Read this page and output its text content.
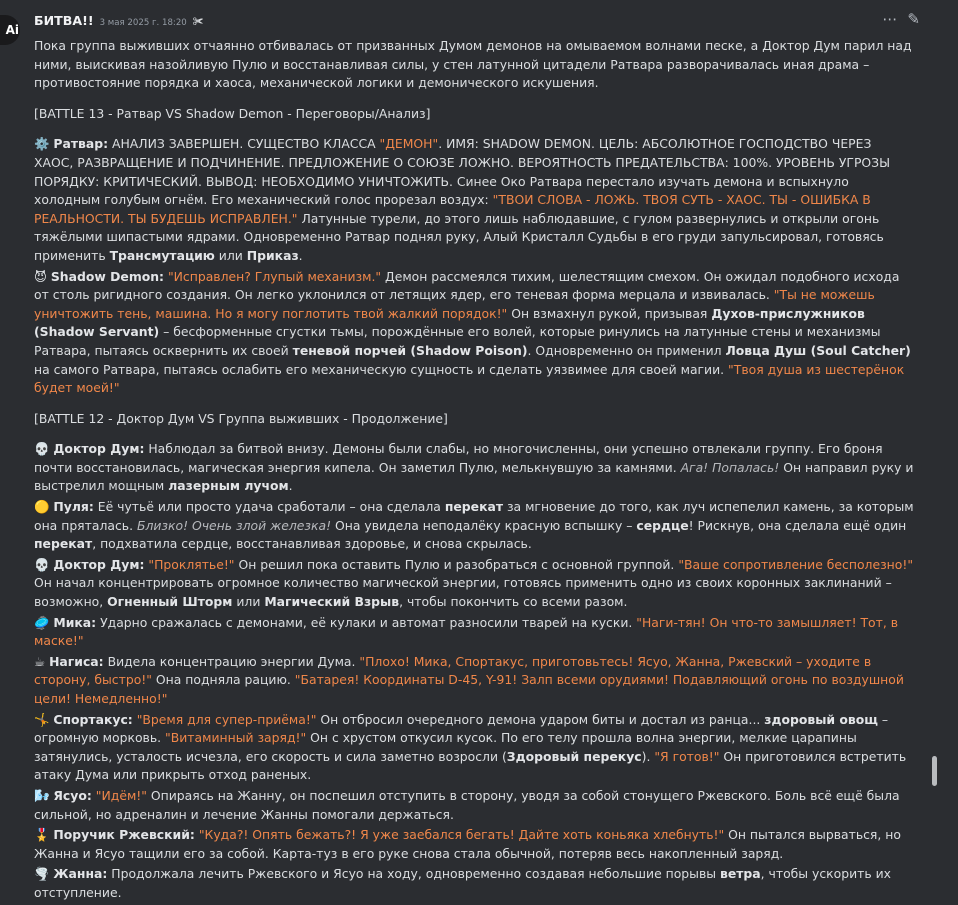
Ai
БИТВА!! 3 мая 2025 г. 18:20 ✀	⋯ ✎

Пока группа выживших отчаянно отбивалась от призванных Думом демонов на омываемом волнами песке, а Доктор Дум парил над ними, выискивая назойливую Пулю и восстанавливая силы, у стен латунной цитадели Ратвара разворачивалась иная драма – противостояние порядка и хаоса, механической логики и демонического искушения.

[BATTLE 13 - Ратвар VS Shadow Demon - Переговоры/Анализ]

⚙️ Ратвар: АНАЛИЗ ЗАВЕРШЕН. СУЩЕСТВО КЛАССА "ДЕМОН". ИМЯ: SHADOW DEMON. ЦЕЛЬ: АБСОЛЮТНОЕ ГОСПОДСТВО ЧЕРЕЗ ХАОС, РАЗВРАЩЕНИЕ И ПОДЧИНЕНИЕ. ПРЕДЛОЖЕНИЕ О СОЮЗЕ ЛОЖНО. ВЕРОЯТНОСТЬ ПРЕДАТЕЛЬСТВА: 100%. УРОВЕНЬ УГРОЗЫ ПОРЯДКУ: КРИТИЧЕСКИЙ. ВЫВОД: НЕОБХОДИМО УНИЧТОЖИТЬ. Синее Око Ратвара перестало изучать демона и вспыхнуло холодным голубым огнём. Его механический голос прорезал воздух: "ТВОИ СЛОВА - ЛОЖЬ. ТВОЯ СУТЬ - ХАОС. ТЫ - ОШИБКА В РЕАЛЬНОСТИ. ТЫ БУДЕШЬ ИСПРАВЛЕН." Латунные турели, до этого лишь наблюдавшие, с гулом развернулись и открыли огонь тяжёлыми шипастыми ядрами. Одновременно Ратвар поднял руку, Алый Кристалл Судьбы в его груди запульсировал, готовясь применить Трансмутацию или Приказ.

😈 Shadow Demon: "Исправлен? Глупый механизм." Демон рассмеялся тихим, шелестящим смехом. Он ожидал подобного исхода от столь ригидного создания. Он легко уклонился от летящих ядер, его теневая форма мерцала и извивалась. "Ты не можешь уничтожить тень, машина. Но я могу поглотить твой жалкий порядок!" Он взмахнул рукой, призывая Духов-прислужников (Shadow Servant) – бесформенные сгустки тьмы, порождённые его волей, которые ринулись на латунные стены и механизмы Ратвара, пытаясь осквернить их своей теневой порчей (Shadow Poison). Одновременно он применил Ловца Душ (Soul Catcher) на самого Ратвара, пытаясь ослабить его механическую сущность и сделать уязвимее для своей магии. "Твоя душа из шестерёнок будет моей!"

[BATTLE 12 - Доктор Дум VS Группа выживших - Продолжение]

💀 Доктор Дум: Наблюдал за битвой внизу. Демоны были слабы, но многочисленны, они успешно отвлекали группу. Его броня почти восстановилась, магическая энергия кипела. Он заметил Пулю, мелькнувшую за камнями. Ага! Попалась! Он направил руку и выстрелил мощным лазерным лучом.

🟡 Пуля: Её чутьё или просто удача сработали – она сделала перекат за мгновение до того, как луч испепелил камень, за которым она пряталась. Близко! Очень злой железка! Она увидела неподалёку красную вспышку – сердце! Рискнув, она сделала ещё один перекат, подхватила сердце, восстанавливая здоровье, и снова скрылась.

💀 Доктор Дум: "Проклятье!" Он решил пока оставить Пулю и разобраться с основной группой. "Ваше сопротивление бесполезно!" Он начал концентрировать огромное количество магической энергии, готовясь применить одно из своих коронных заклинаний – возможно, Огненный Шторм или Магический Взрыв, чтобы покончить со всеми разом.

🥏 Мика: Ударно сражалась с демонами, её кулаки и автомат разносили тварей на куски. "Наги-тян! Он что-то замышляет! Тот, в маске!"

☕ Нагиса: Видела концентрацию энергии Дума. "Плохо! Мика, Спортакус, приготовьтесь! Ясуо, Жанна, Ржевский – уходите в сторону, быстро!" Она подняла рацию. "Батарея! Координаты D-45, Y-91! Залп всеми орудиями! Подавляющий огонь по воздушной цели! Немедленно!"

🤸 Спортакус: "Время для супер-приёма!" Он отбросил очередного демона ударом биты и достал из ранца... здоровый овощ – огромную морковь. "Витаминный заряд!" Он с хрустом откусил кусок. По его телу прошла волна энергии, мелкие царапины затянулись, усталость исчезла, его скорость и сила заметно возросли (Здоровый перекус). "Я готов!" Он приготовился встретить атаку Дума или прикрыть отход раненых.

🌬️ Ясуо: "Идём!" Опираясь на Жанну, он поспешил отступить в сторону, уводя за собой стонущего Ржевского. Боль всё ещё была сильной, но адреналин и лечение Жанны помогали держаться.

🎖️ Поручик Ржевский: "Куда?! Опять бежать?! Я уже заебался бегать! Дайте хоть коньяка хлебнуть!" Он пытался вырваться, но Жанна и Ясуо тащили его за собой. Карта-туз в его руке снова стала обычной, потеряв весь накопленный заряд.

🌪️ Жанна: Продолжала лечить Ржевского и Ясуо на ходу, одновременно создавая небольшие порывы ветра, чтобы ускорить их отступление.
